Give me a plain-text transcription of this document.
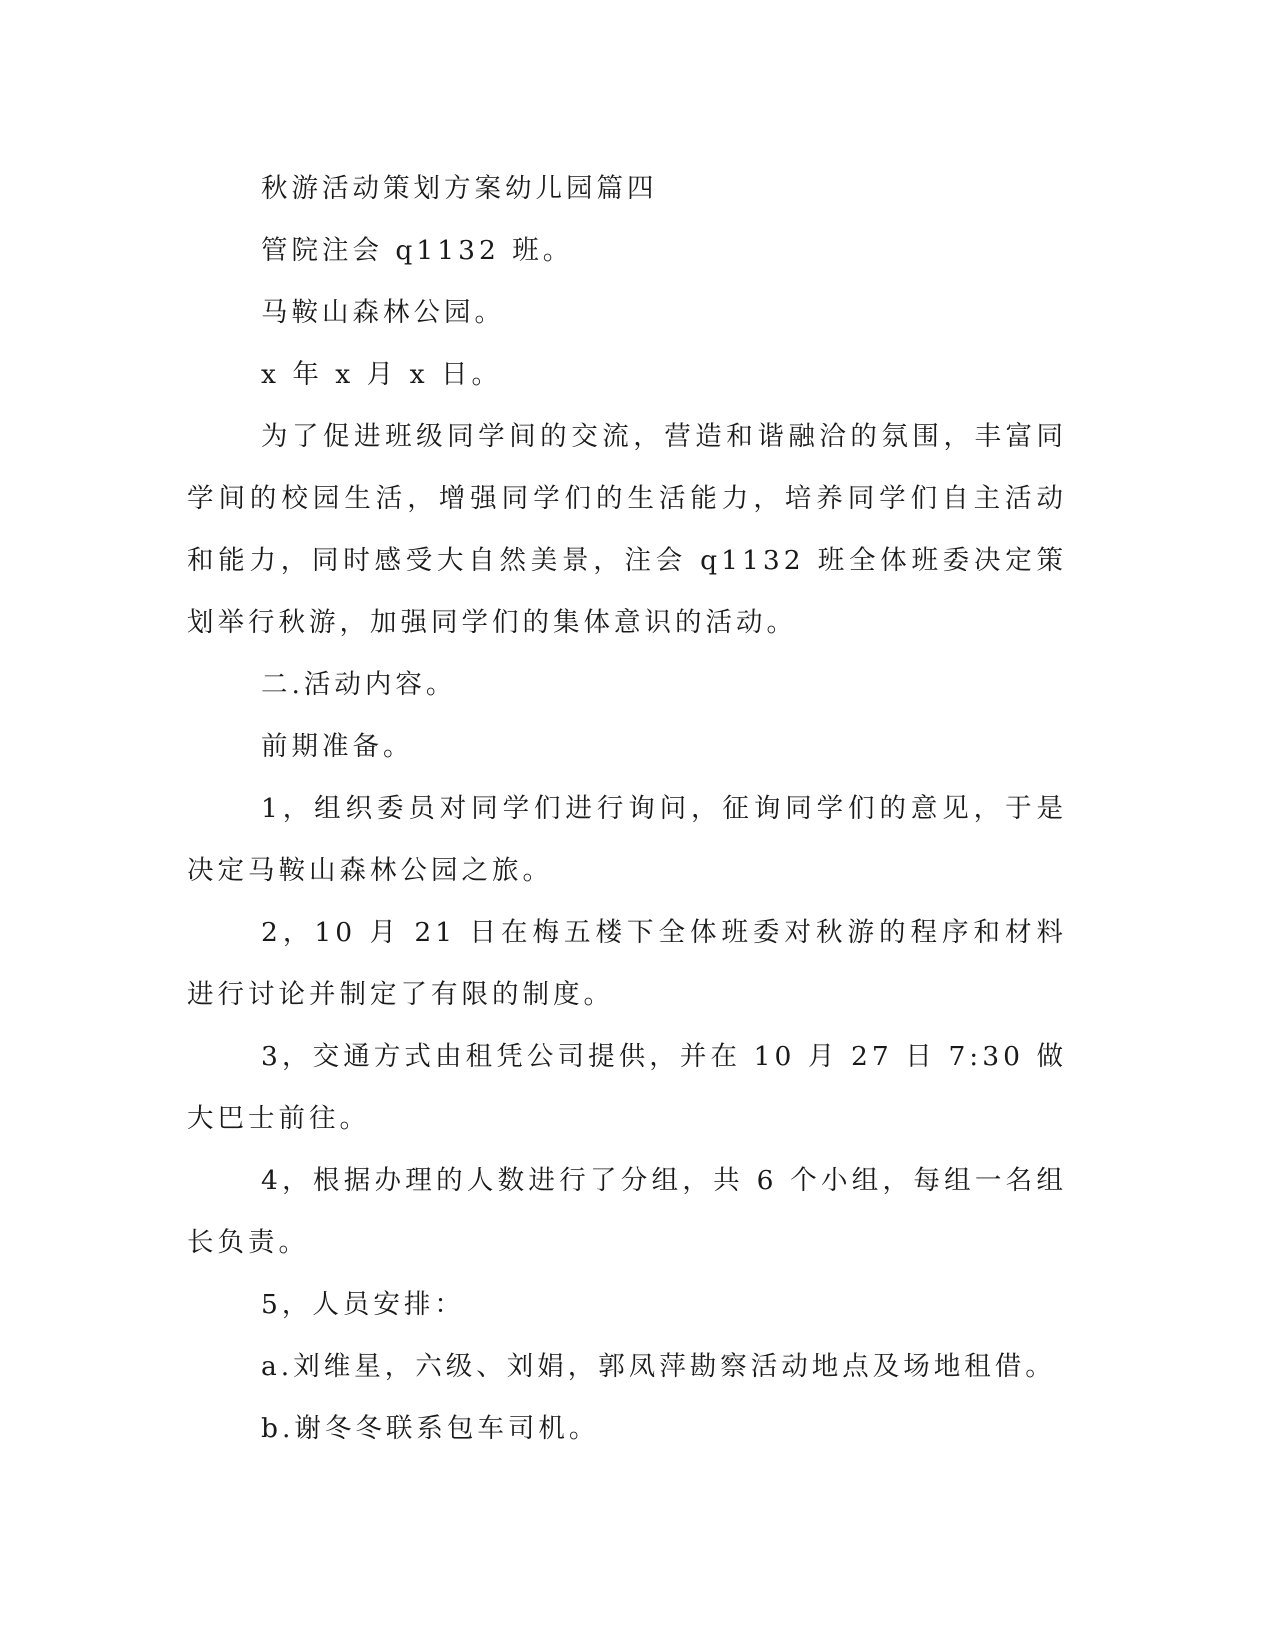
秋游活动策划方案幼儿园篇四

管院注会 q1132 班。

马鞍山森林公园。

x 年 x 月 x 日。

为了促进班级同学间的交流，营造和谐融洽的氛围，丰富同学间的校园生活，增强同学们的生活能力，培养同学们自主活动和能力，同时感受大自然美景，注会 q1132 班全体班委决定策划举行秋游，加强同学们的集体意识的活动。

二.活动内容。

前期准备。

1，组织委员对同学们进行询问，征询同学们的意见，于是决定马鞍山森林公园之旅。

2，10 月 21 日在梅五楼下全体班委对秋游的程序和材料进行讨论并制定了有限的制度。

3，交通方式由租凭公司提供，并在 10 月 27 日 7:30 做大巴士前往。

4，根据办理的人数进行了分组，共 6 个小组，每组一名组长负责。

5，人员安排：

a.刘维星，六级、刘娟，郭凤萍勘察活动地点及场地租借。

b.谢冬冬联系包车司机。
